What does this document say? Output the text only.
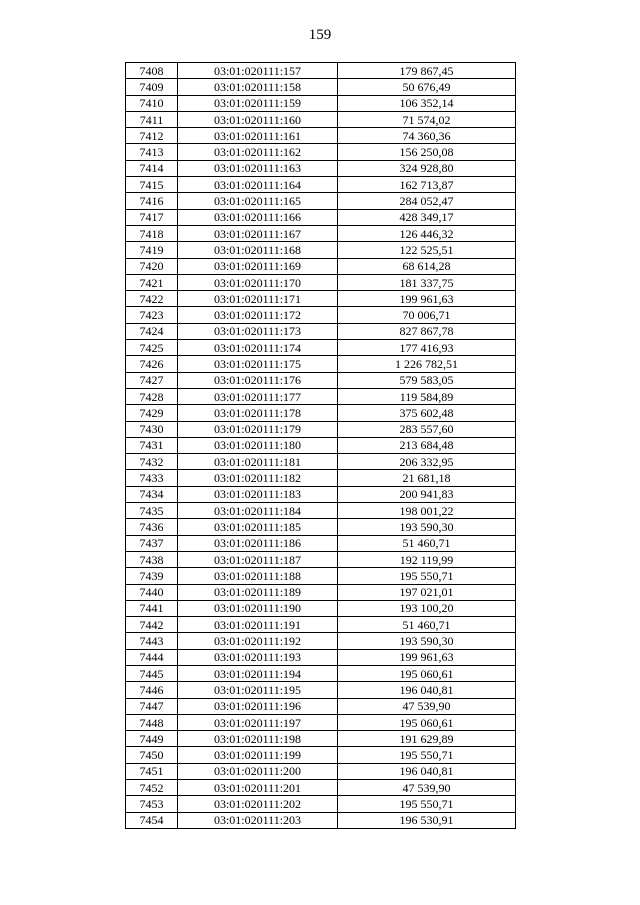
159
7408	03:01:020111:157	179 867,45
7409	03:01:020111:158	50 676,49
7410	03:01:020111:159	106 352,14
7411	03:01:020111:160	71 574,02
7412	03:01:020111:161	74 360,36
7413	03:01:020111:162	156 250,08
7414	03:01:020111:163	324 928,80
7415	03:01:020111:164	162 713,87
7416	03:01:020111:165	284 052,47
7417	03:01:020111:166	428 349,17
7418	03:01:020111:167	126 446,32
7419	03:01:020111:168	122 525,51
7420	03:01:020111:169	68 614,28
7421	03:01:020111:170	181 337,75
7422	03:01:020111:171	199 961,63
7423	03:01:020111:172	70 006,71
7424	03:01:020111:173	827 867,78
7425	03:01:020111:174	177 416,93
7426	03:01:020111:175	1 226 782,51
7427	03:01:020111:176	579 583,05
7428	03:01:020111:177	119 584,89
7429	03:01:020111:178	375 602,48
7430	03:01:020111:179	283 557,60
7431	03:01:020111:180	213 684,48
7432	03:01:020111:181	206 332,95
7433	03:01:020111:182	21 681,18
7434	03:01:020111:183	200 941,83
7435	03:01:020111:184	198 001,22
7436	03:01:020111:185	193 590,30
7437	03:01:020111:186	51 460,71
7438	03:01:020111:187	192 119,99
7439	03:01:020111:188	195 550,71
7440	03:01:020111:189	197 021,01
7441	03:01:020111:190	193 100,20
7442	03:01:020111:191	51 460,71
7443	03:01:020111:192	193 590,30
7444	03:01:020111:193	199 961,63
7445	03:01:020111:194	195 060,61
7446	03:01:020111:195	196 040,81
7447	03:01:020111:196	47 539,90
7448	03:01:020111:197	195 060,61
7449	03:01:020111:198	191 629,89
7450	03:01:020111:199	195 550,71
7451	03:01:020111:200	196 040,81
7452	03:01:020111:201	47 539,90
7453	03:01:020111:202	195 550,71
7454	03:01:020111:203	196 530,91
